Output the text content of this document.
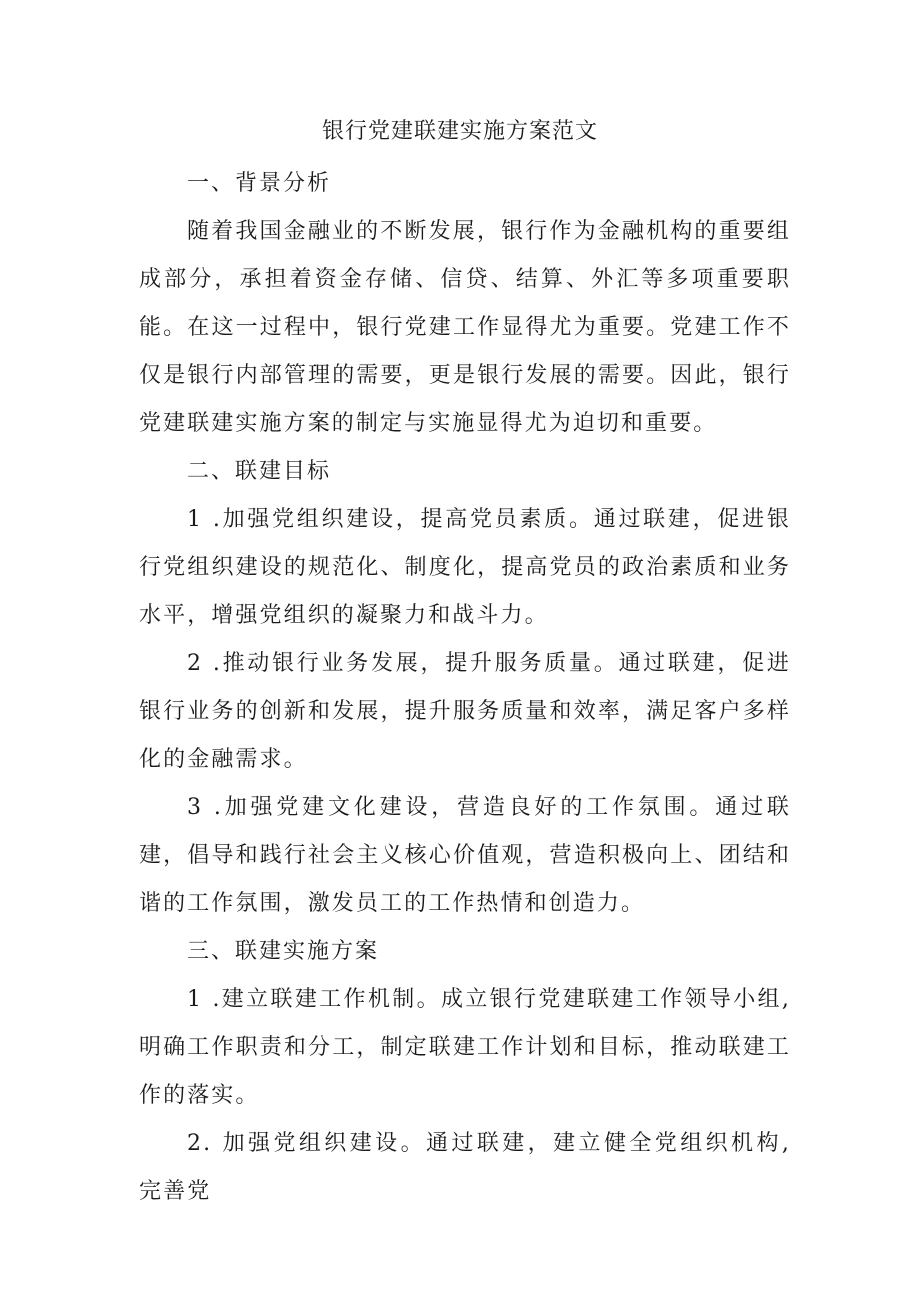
银行党建联建实施方案范文

一、背景分析

随着我国金融业的不断发展，银行作为金融机构的重要组成部分，承担着资金存储、信贷、结算、外汇等多项重要职能。在这一过程中，银行党建工作显得尤为重要。党建工作不仅是银行内部管理的需要，更是银行发展的需要。因此，银行党建联建实施方案的制定与实施显得尤为迫切和重要。

二、联建目标

1 .加强党组织建设，提高党员素质。通过联建，促进银行党组织建设的规范化、制度化，提高党员的政治素质和业务水平，增强党组织的凝聚力和战斗力。

2 .推动银行业务发展，提升服务质量。通过联建，促进银行业务的创新和发展，提升服务质量和效率，满足客户多样化的金融需求。

3 .加强党建文化建设，营造良好的工作氛围。通过联建，倡导和践行社会主义核心价值观，营造积极向上、团结和谐的工作氛围，激发员工的工作热情和创造力。

三、联建实施方案

1 .建立联建工作机制。成立银行党建联建工作领导小组,明确工作职责和分工，制定联建工作计划和目标，推动联建工作的落实。

2. 加强党组织建设。通过联建，建立健全党组织机构, 完善党
